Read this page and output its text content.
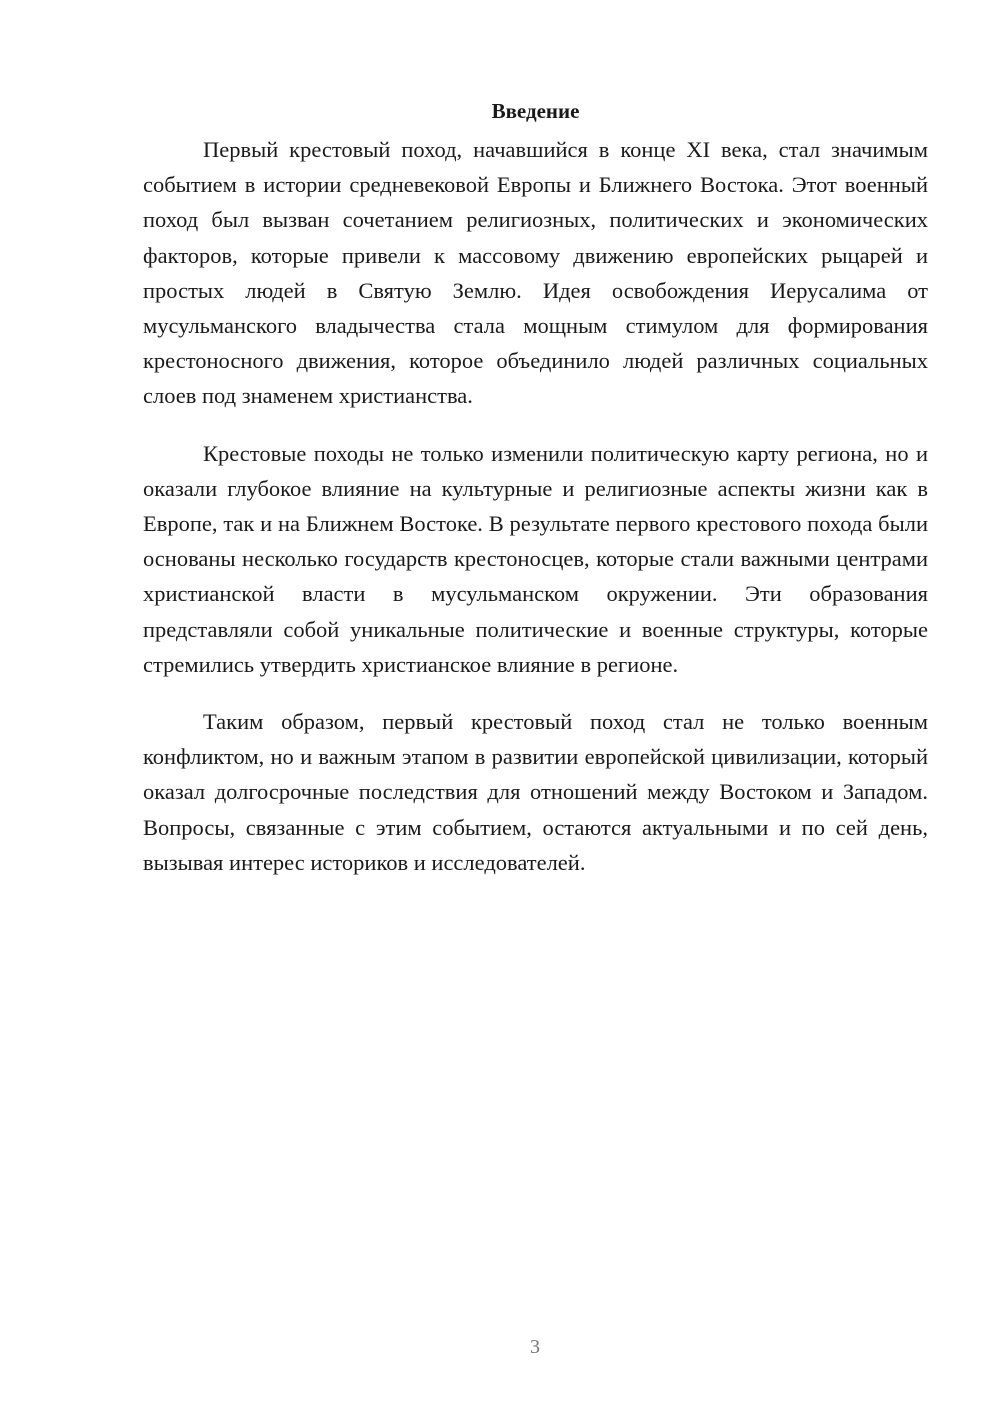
Введение

Первый крестовый поход, начавшийся в конце XI века, стал значимым событием в истории средневековой Европы и Ближнего Востока. Этот военный поход был вызван сочетанием религиозных, политических и экономических факторов, которые привели к массовому движению европейских рыцарей и простых людей в Святую Землю. Идея освобождения Иерусалима от мусульманского владычества стала мощным стимулом для формирования крестоносного движения, которое объединило людей различных социальных слоев под знаменем христианства.

Крестовые походы не только изменили политическую карту региона, но и оказали глубокое влияние на культурные и религиозные аспекты жизни как в Европе, так и на Ближнем Востоке. В результате первого крестового похода были основаны несколько государств крестоносцев, которые стали важными центрами христианской власти в мусульманском окружении. Эти образования представляли собой уникальные политические и военные структуры, которые стремились утвердить христианское влияние в регионе.

Таким образом, первый крестовый поход стал не только военным конфликтом, но и важным этапом в развитии европейской цивилизации, который оказал долгосрочные последствия для отношений между Востоком и Западом. Вопросы, связанные с этим событием, остаются актуальными и по сей день, вызывая интерес историков и исследователей.

3
